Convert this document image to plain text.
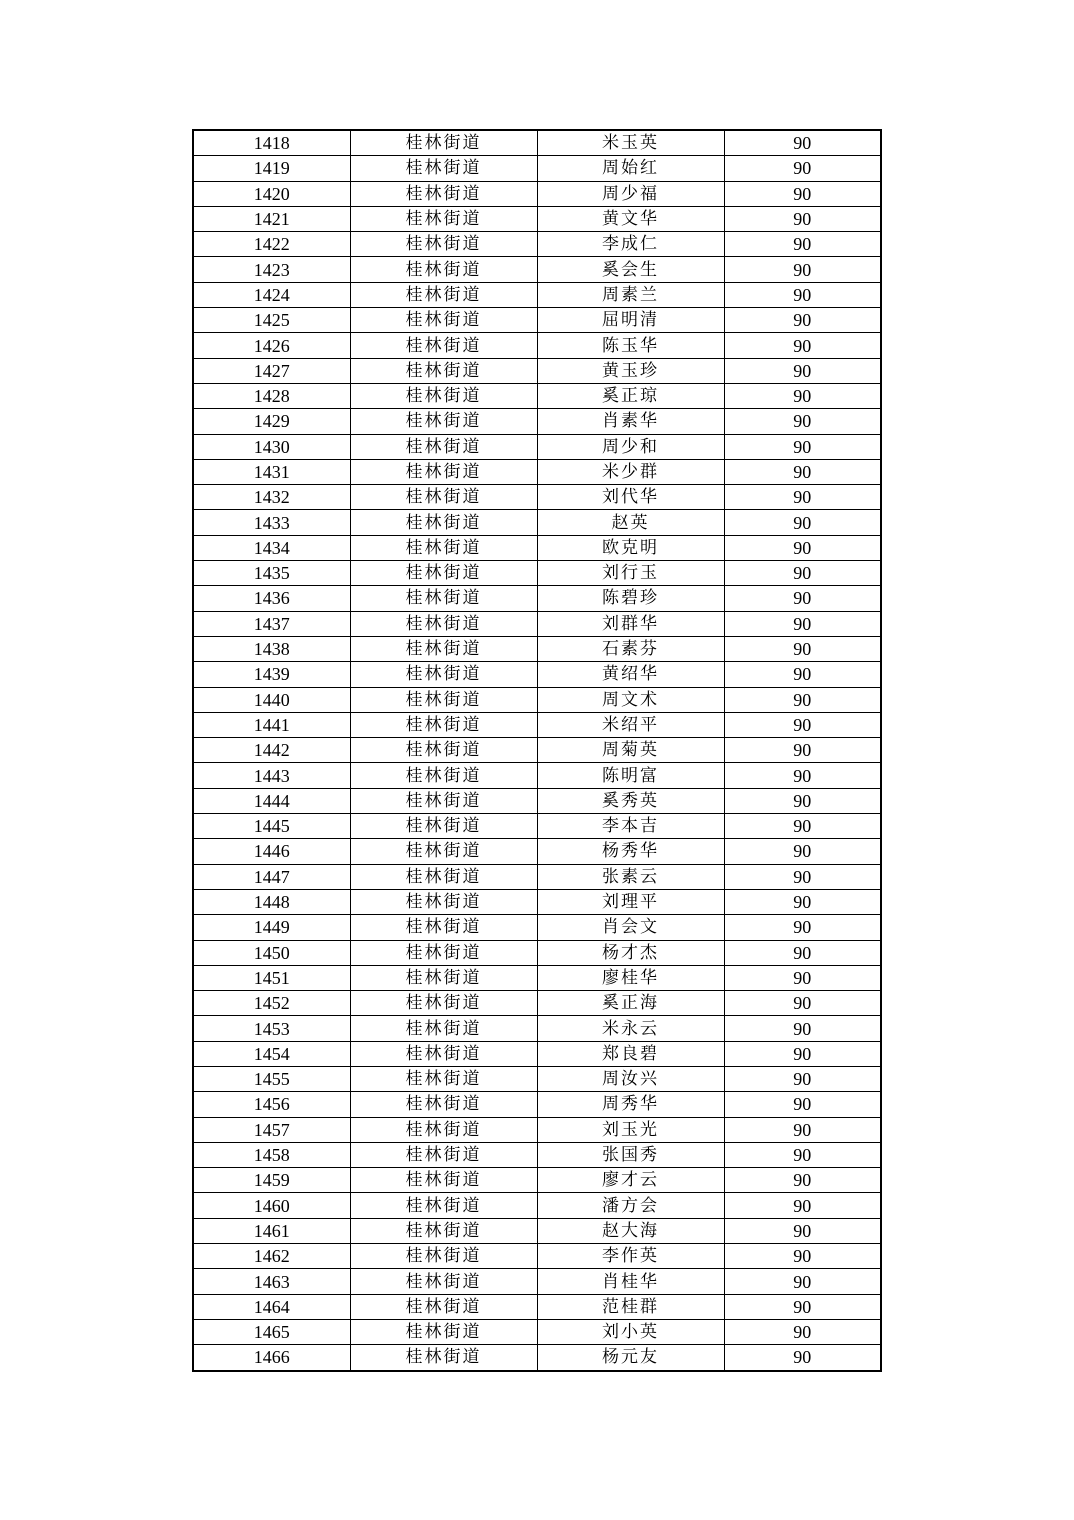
1418	桂林街道	米玉英	90
1419	桂林街道	周始红	90
1420	桂林街道	周少福	90
1421	桂林街道	黄文华	90
1422	桂林街道	李成仁	90
1423	桂林街道	奚会生	90
1424	桂林街道	周素兰	90
1425	桂林街道	屈明清	90
1426	桂林街道	陈玉华	90
1427	桂林街道	黄玉珍	90
1428	桂林街道	奚正琼	90
1429	桂林街道	肖素华	90
1430	桂林街道	周少和	90
1431	桂林街道	米少群	90
1432	桂林街道	刘代华	90
1433	桂林街道	赵英	90
1434	桂林街道	欧克明	90
1435	桂林街道	刘行玉	90
1436	桂林街道	陈碧珍	90
1437	桂林街道	刘群华	90
1438	桂林街道	石素芬	90
1439	桂林街道	黄绍华	90
1440	桂林街道	周文术	90
1441	桂林街道	米绍平	90
1442	桂林街道	周菊英	90
1443	桂林街道	陈明富	90
1444	桂林街道	奚秀英	90
1445	桂林街道	李本吉	90
1446	桂林街道	杨秀华	90
1447	桂林街道	张素云	90
1448	桂林街道	刘理平	90
1449	桂林街道	肖会文	90
1450	桂林街道	杨才杰	90
1451	桂林街道	廖桂华	90
1452	桂林街道	奚正海	90
1453	桂林街道	米永云	90
1454	桂林街道	郑良碧	90
1455	桂林街道	周汝兴	90
1456	桂林街道	周秀华	90
1457	桂林街道	刘玉光	90
1458	桂林街道	张国秀	90
1459	桂林街道	廖才云	90
1460	桂林街道	潘方会	90
1461	桂林街道	赵大海	90
1462	桂林街道	李作英	90
1463	桂林街道	肖桂华	90
1464	桂林街道	范桂群	90
1465	桂林街道	刘小英	90
1466	桂林街道	杨元友	90
